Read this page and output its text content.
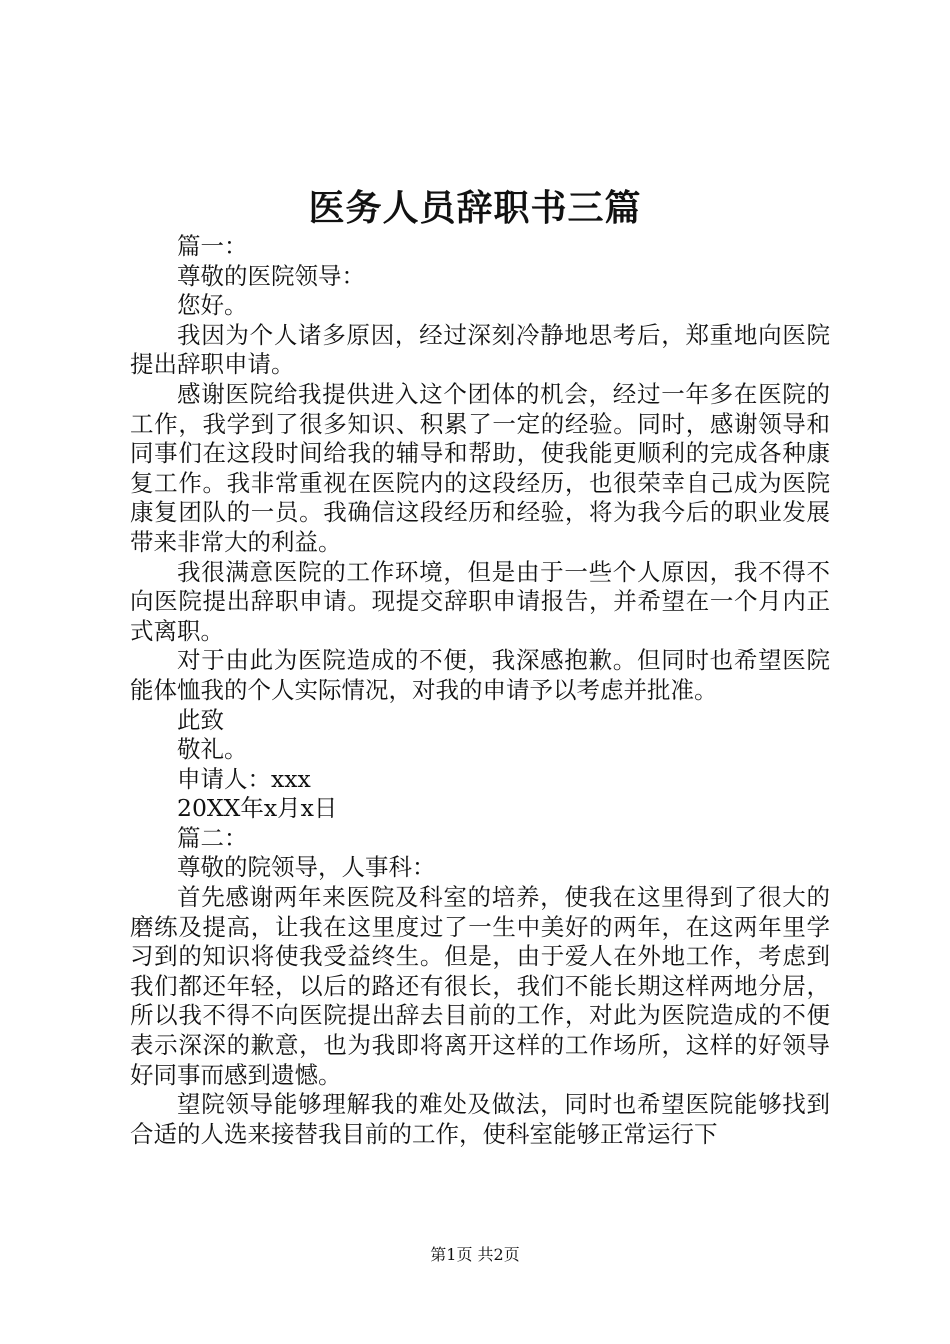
医务人员辞职书三篇

篇一：

尊敬的医院领导：

您好。

我因为个人诸多原因，经过深刻冷静地思考后，郑重地向医院提出辞职申请。

感谢医院给我提供进入这个团体的机会，经过一年多在医院的工作，我学到了很多知识、积累了一定的经验。同时，感谢领导和同事们在这段时间给我的辅导和帮助，使我能更顺利的完成各种康复工作。我非常重视在医院内的这段经历，也很荣幸自己成为医院康复团队的一员。我确信这段经历和经验，将为我今后的职业发展带来非常大的利益。

我很满意医院的工作环境，但是由于一些个人原因，我不得不向医院提出辞职申请。现提交辞职申请报告，并希望在一个月内正式离职。

对于由此为医院造成的不便，我深感抱歉。但同时也希望医院能体恤我的个人实际情况，对我的申请予以考虑并批准。

此致

敬礼。

申请人：xxx

20XX年x月x日

篇二：

尊敬的院领导，人事科：

首先感谢两年来医院及科室的培养，使我在这里得到了很大的磨练及提高，让我在这里度过了一生中美好的两年，在这两年里学习到的知识将使我受益终生。但是，由于爱人在外地工作，考虑到我们都还年轻，以后的路还有很长，我们不能长期这样两地分居，所以我不得不向医院提出辞去目前的工作，对此为医院造成的不便表示深深的歉意，也为我即将离开这样的工作场所，这样的好领导好同事而感到遗憾。

望院领导能够理解我的难处及做法，同时也希望医院能够找到合适的人选来接替我目前的工作，使科室能够正常运行下

第1页 共2页
